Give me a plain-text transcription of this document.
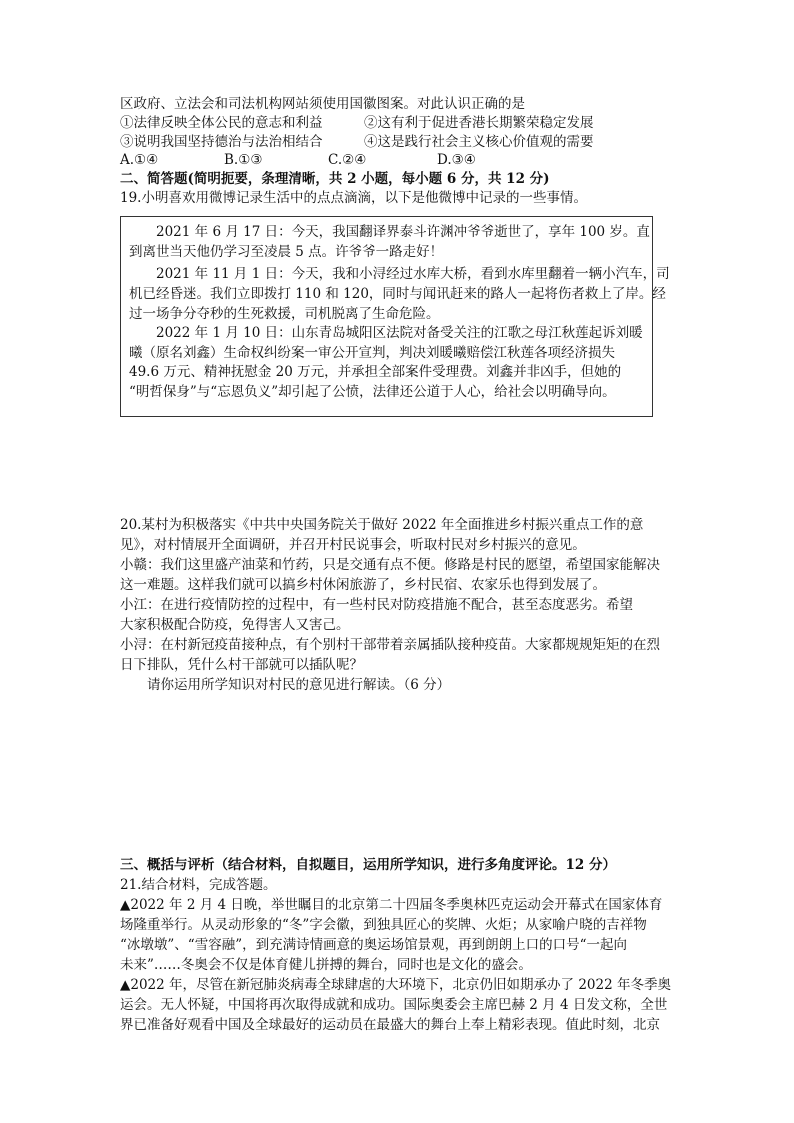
区政府、立法会和司法机构网站须使用国徽图案。对此认识正确的是
①法律反映全体公民的意志和利益	②这有利于促进香港长期繁荣稳定发展
③说明我国坚持德治与法治相结合	④这是践行社会主义核心价值观的需要
A.①④	B.①③	C.②④	D.③④
二、简答题(简明扼要，条理清晰，共 2 小题，每小题 6 分，共 12 分)
19.小明喜欢用微博记录生活中的点点滴滴，以下是他微博中记录的一些事情。
　　2021 年 6 月 17 日：今天，我国翻译界泰斗许渊冲爷爷逝世了，享年 100 岁。直
到离世当天他仍学习至凌晨 5 点。许爷爷一路走好！
　　2021 年 11 月 1 日：今天，我和小浔经过水库大桥，看到水库里翻着一辆小汽车，司
机已经昏迷。我们立即拨打 110 和 120，同时与闻讯赶来的路人一起将伤者救上了岸。经
过一场争分夺秒的生死救援，司机脱离了生命危险。
　　2022 年 1 月 10 日：山东青岛城阳区法院对备受关注的江歌之母江秋莲起诉刘暖
曦（原名刘鑫）生命权纠纷案一审公开宣判，判决刘暖曦赔偿江秋莲各项经济损失
49.6 万元、精神抚慰金 20 万元，并承担全部案件受理费。刘鑫并非凶手，但她的
“明哲保身”与“忘恩负义”却引起了公愤，法律还公道于人心，给社会以明确导向。
20.某村为积极落实《中共中央国务院关于做好 2022 年全面推进乡村振兴重点工作的意
见》，对村情展开全面调研，并召开村民说事会，听取村民对乡村振兴的意见。
小赣：我们这里盛产油菜和竹药，只是交通有点不便。修路是村民的愿望，希望国家能解决
这一难题。这样我们就可以搞乡村休闲旅游了，乡村民宿、农家乐也得到发展了。
小江：在进行疫情防控的过程中，有一些村民对防疫措施不配合，甚至态度恶劣。希望
大家积极配合防疫，免得害人又害己。
小浔：在村新冠疫苗接种点，有个别村干部带着亲属插队接种疫苗。大家都规规矩矩的在烈
日下排队，凭什么村干部就可以插队呢？
　　请你运用所学知识对村民的意见进行解读。（6 分）
三、概括与评析（结合材料，自拟题目，运用所学知识，进行多角度评论。12 分）
21.结合材料，完成答题。
▲2022 年 2 月 4 日晚，举世瞩目的北京第二十四届冬季奥林匹克运动会开幕式在国家体育
场隆重举行。从灵动形象的“冬”字会徽，到独具匠心的奖牌、火炬；从家喻户晓的吉祥物
“冰墩墩”、“雪容融”，到充满诗情画意的奥运场馆景观，再到朗朗上口的口号“一起向
未来”……冬奥会不仅是体育健儿拼搏的舞台，同时也是文化的盛会。
▲2022 年，尽管在新冠肺炎病毒全球肆虐的大环境下，北京仍旧如期承办了 2022 年冬季奥
运会。无人怀疑，中国将再次取得成就和成功。国际奥委会主席巴赫 2 月 4 日发文称，全世
界已准备好观看中国及全球最好的运动员在最盛大的舞台上奉上精彩表现。值此时刻，北京
